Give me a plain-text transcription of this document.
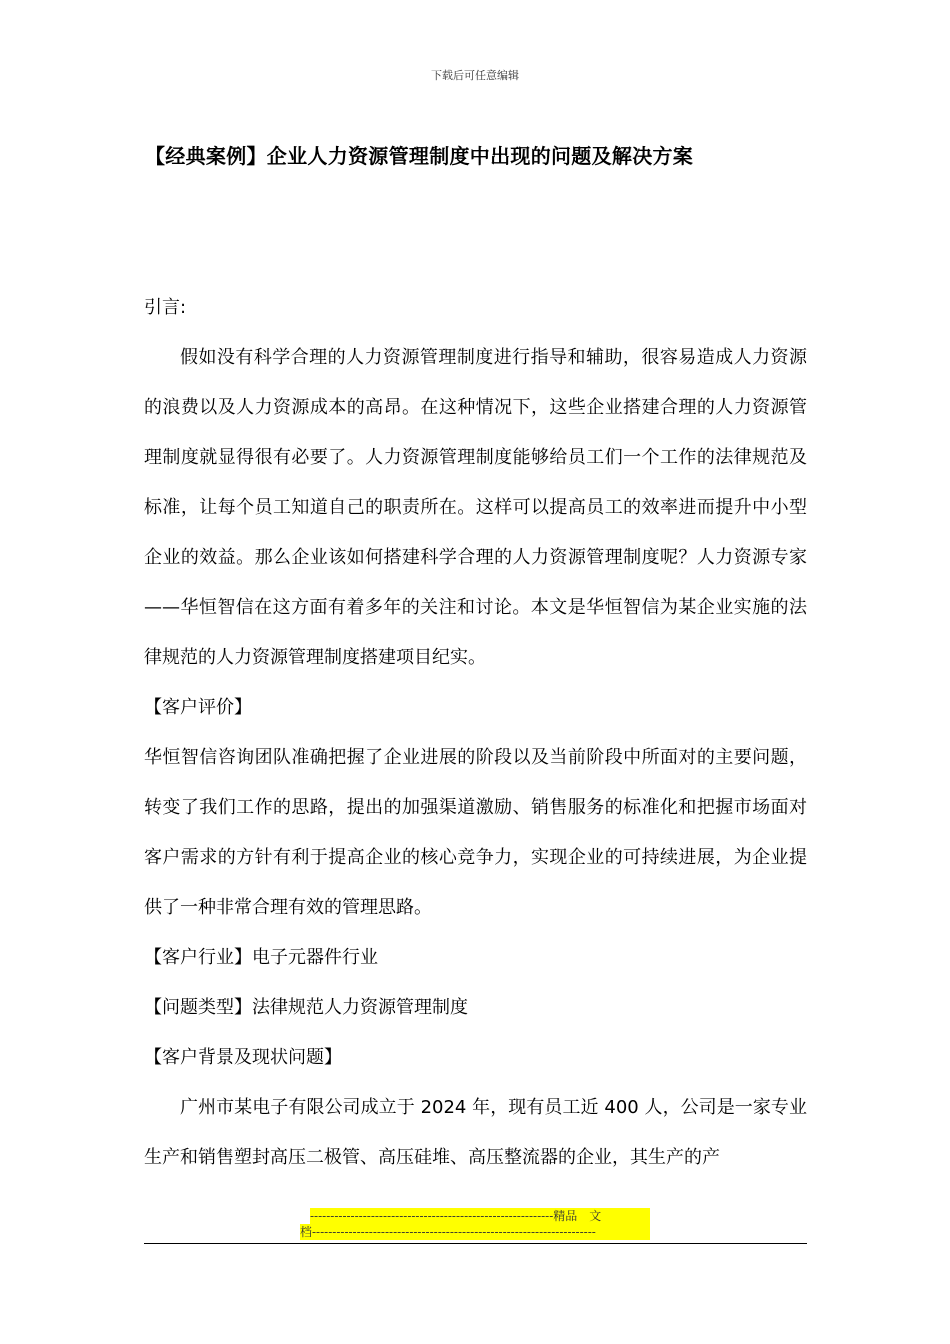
下载后可任意编辑
【经典案例】企业人力资源管理制度中出现的问题及解决方案

引言:

假如没有科学合理的人力资源管理制度进行指导和辅助，很容易造成人力资源的浪费以及人力资源成本的高昂。在这种情况下，这些企业搭建合理的人力资源管理制度就显得很有必要了。人力资源管理制度能够给员工们一个工作的法律规范及标准，让每个员工知道自己的职责所在。这样可以提高员工的效率进而提升中小型企业的效益。那么企业该如何搭建科学合理的人力资源管理制度呢？人力资源专家——华恒智信在这方面有着多年的关注和讨论。本文是华恒智信为某企业实施的法律规范的人力资源管理制度搭建项目纪实。

【客户评价】

华恒智信咨询团队准确把握了企业进展的阶段以及当前阶段中所面对的主要问题，转变了我们工作的思路，提出的加强渠道激励、销售服务的标准化和把握市场面对客户需求的方针有利于提高企业的核心竞争力，实现企业的可持续进展，为企业提供了一种非常合理有效的管理思路。

【客户行业】电子元器件行业

【问题类型】法律规范人力资源管理制度

【客户背景及现状问题】

广州市某电子有限公司成立于 2024 年，现有员工近 400 人，公司是一家专业生产和销售塑封高压二极管、高压硅堆、高压整流器的企业，其生产的产

------------------------------------------------------------精品　文
档----------------------------------------------------------------------
